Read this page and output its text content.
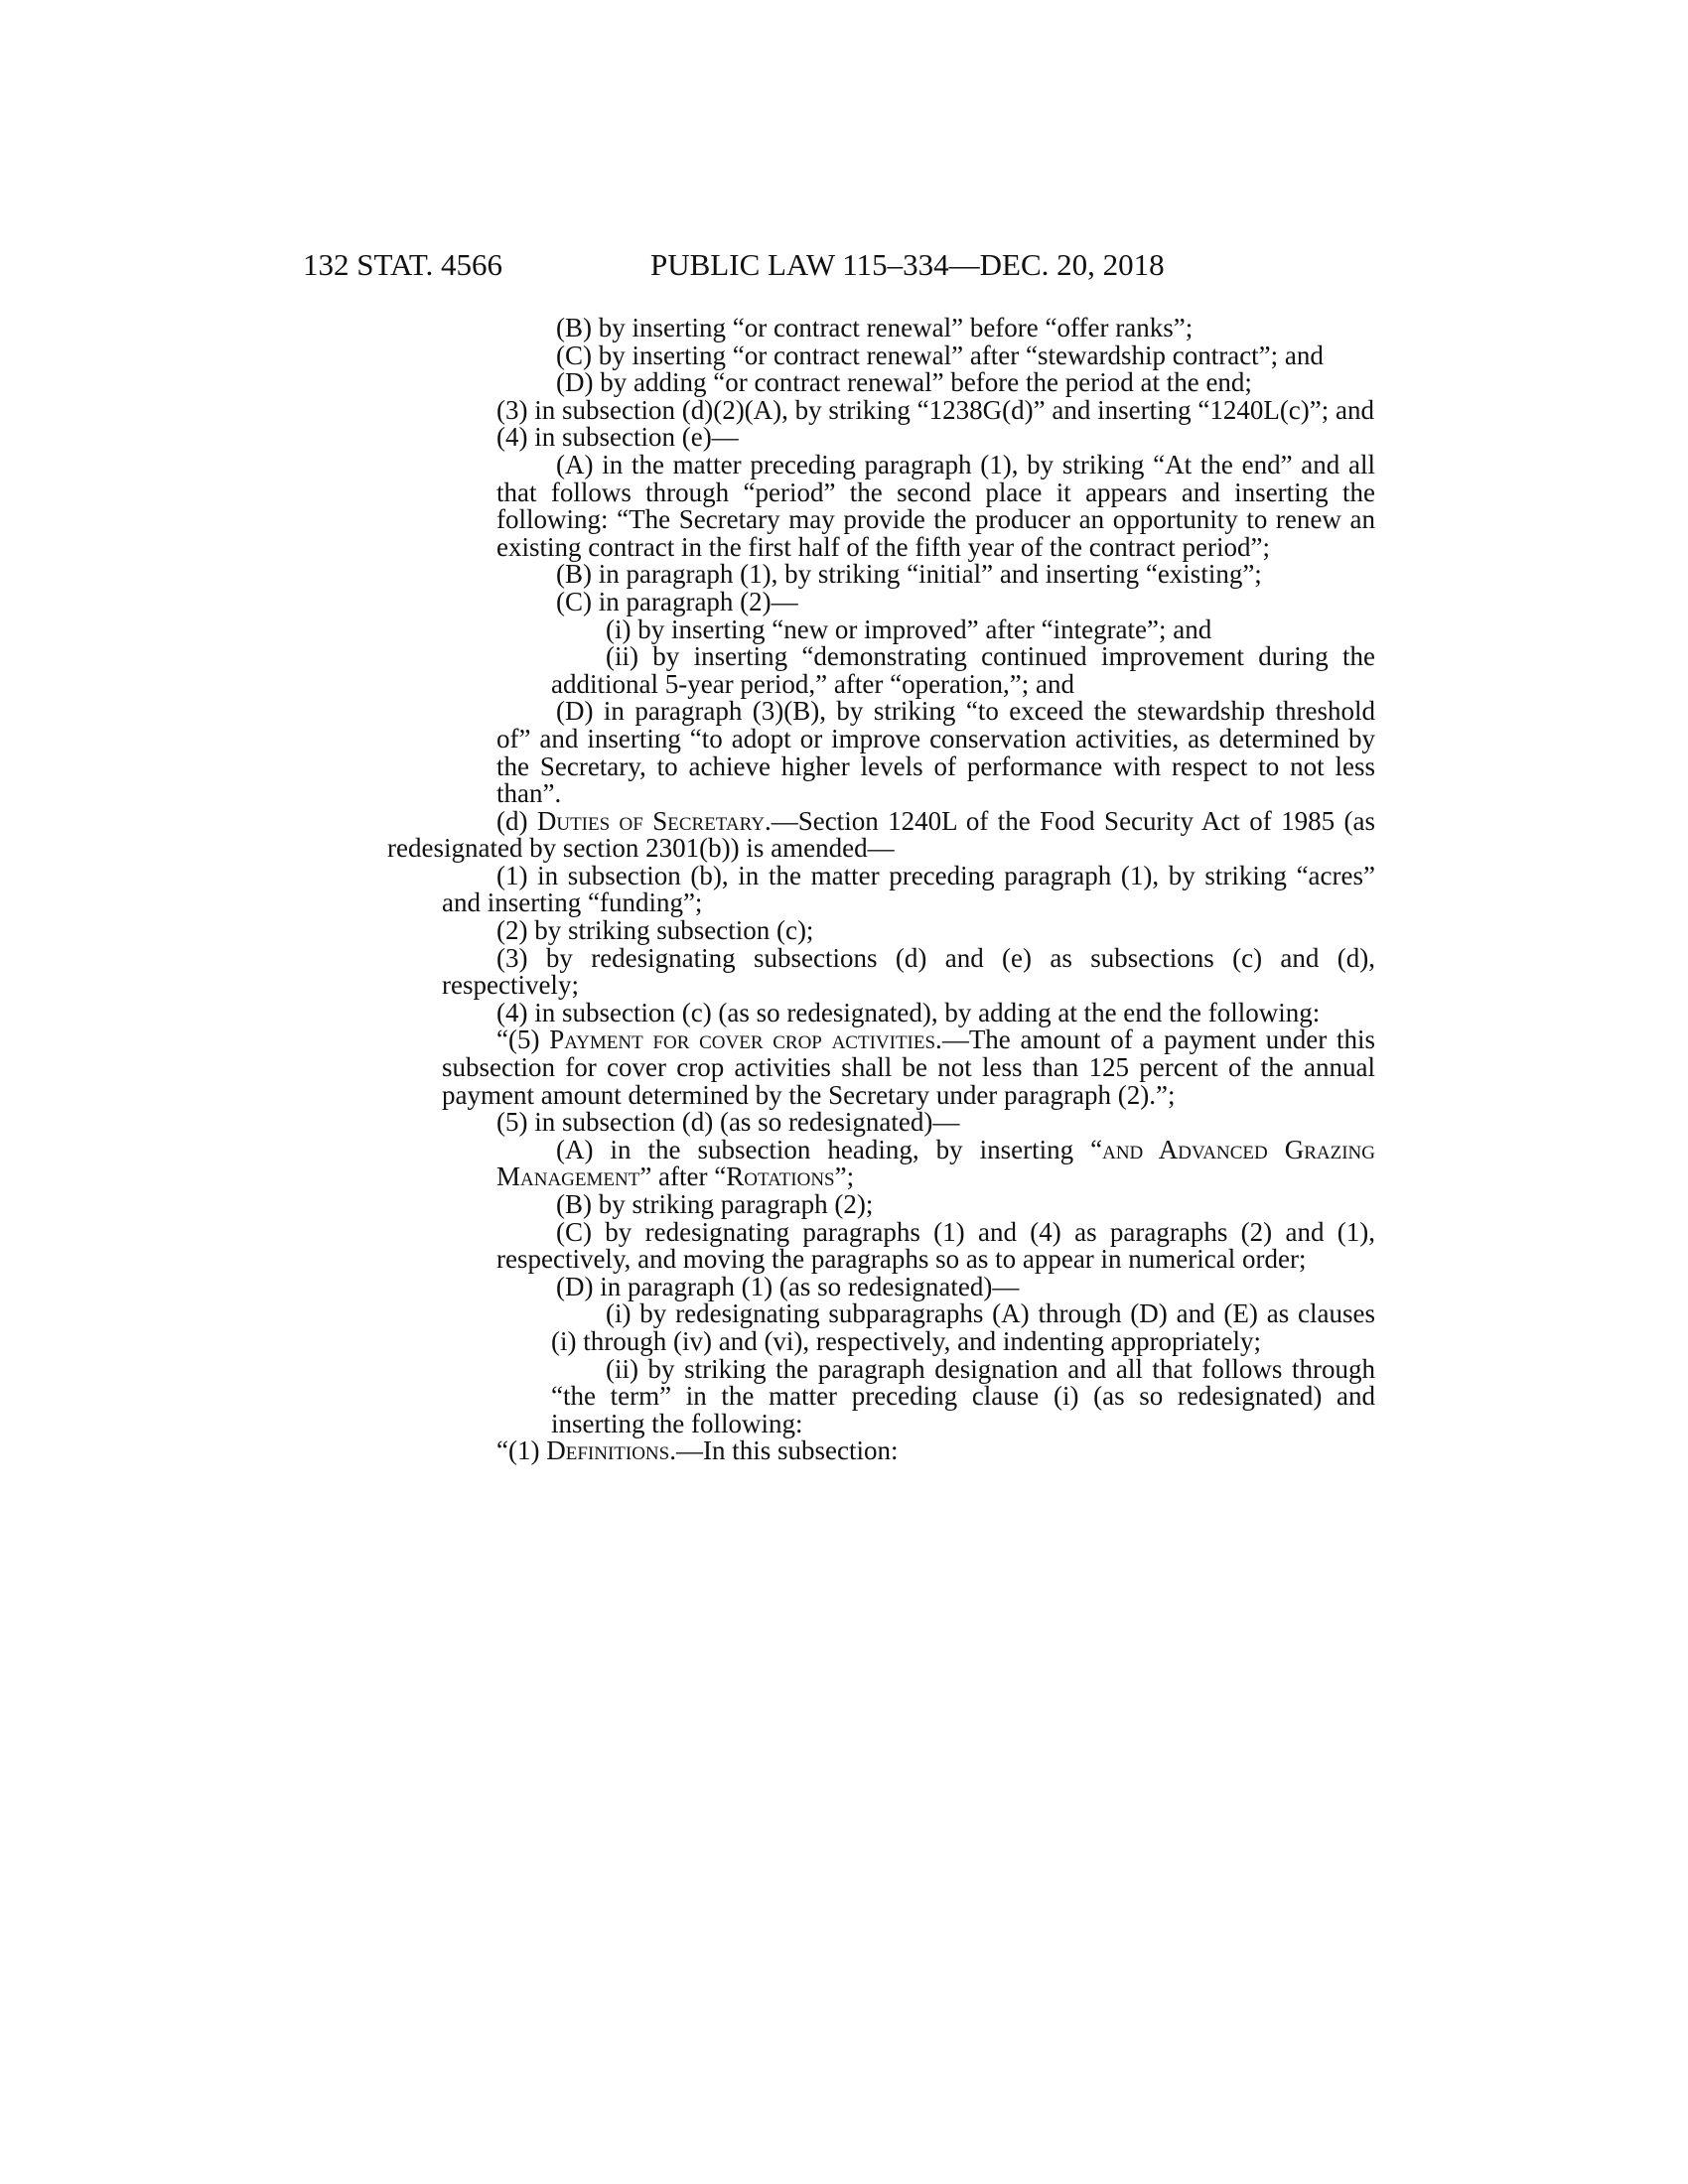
132 STAT. 4566	PUBLIC LAW 115–334—DEC. 20, 2018

(B) by inserting “or contract renewal” before “offer ranks”;

(C) by inserting “or contract renewal” after “stewardship contract”; and

(D) by adding “or contract renewal” before the period at the end;

(3) in subsection (d)(2)(A), by striking “1238G(d)” and inserting “1240L(c)”; and

(4) in subsection (e)—

(A) in the matter preceding paragraph (1), by striking “At the end” and all that follows through “period” the second place it appears and inserting the following: “The Secretary may provide the producer an opportunity to renew an existing contract in the first half of the fifth year of the contract period”;

(B) in paragraph (1), by striking “initial” and inserting “existing”;

(C) in paragraph (2)—

(i) by inserting “new or improved” after “integrate”; and

(ii) by inserting “demonstrating continued improvement during the additional 5-year period,” after “operation,”; and

(D) in paragraph (3)(B), by striking “to exceed the stewardship threshold of” and inserting “to adopt or improve conservation activities, as determined by the Secretary, to achieve higher levels of performance with respect to not less than”.

(d) Duties of Secretary.—Section 1240L of the Food Security Act of 1985 (as redesignated by section 2301(b)) is amended—

(1) in subsection (b), in the matter preceding paragraph (1), by striking “acres” and inserting “funding”;

(2) by striking subsection (c);

(3) by redesignating subsections (d) and (e) as subsections (c) and (d), respectively;

(4) in subsection (c) (as so redesignated), by adding at the end the following:

“(5) Payment for cover crop activities.—The amount of a payment under this subsection for cover crop activities shall be not less than 125 percent of the annual payment amount determined by the Secretary under paragraph (2).”;

(5) in subsection (d) (as so redesignated)—

(A) in the subsection heading, by inserting “and Advanced Grazing Management” after “Rotations”;

(B) by striking paragraph (2);

(C) by redesignating paragraphs (1) and (4) as paragraphs (2) and (1), respectively, and moving the paragraphs so as to appear in numerical order;

(D) in paragraph (1) (as so redesignated)—

(i) by redesignating subparagraphs (A) through (D) and (E) as clauses (i) through (iv) and (vi), respectively, and indenting appropriately;

(ii) by striking the paragraph designation and all that follows through “the term” in the matter preceding clause (i) (as so redesignated) and inserting the following:

“(1) Definitions.—In this subsection:
